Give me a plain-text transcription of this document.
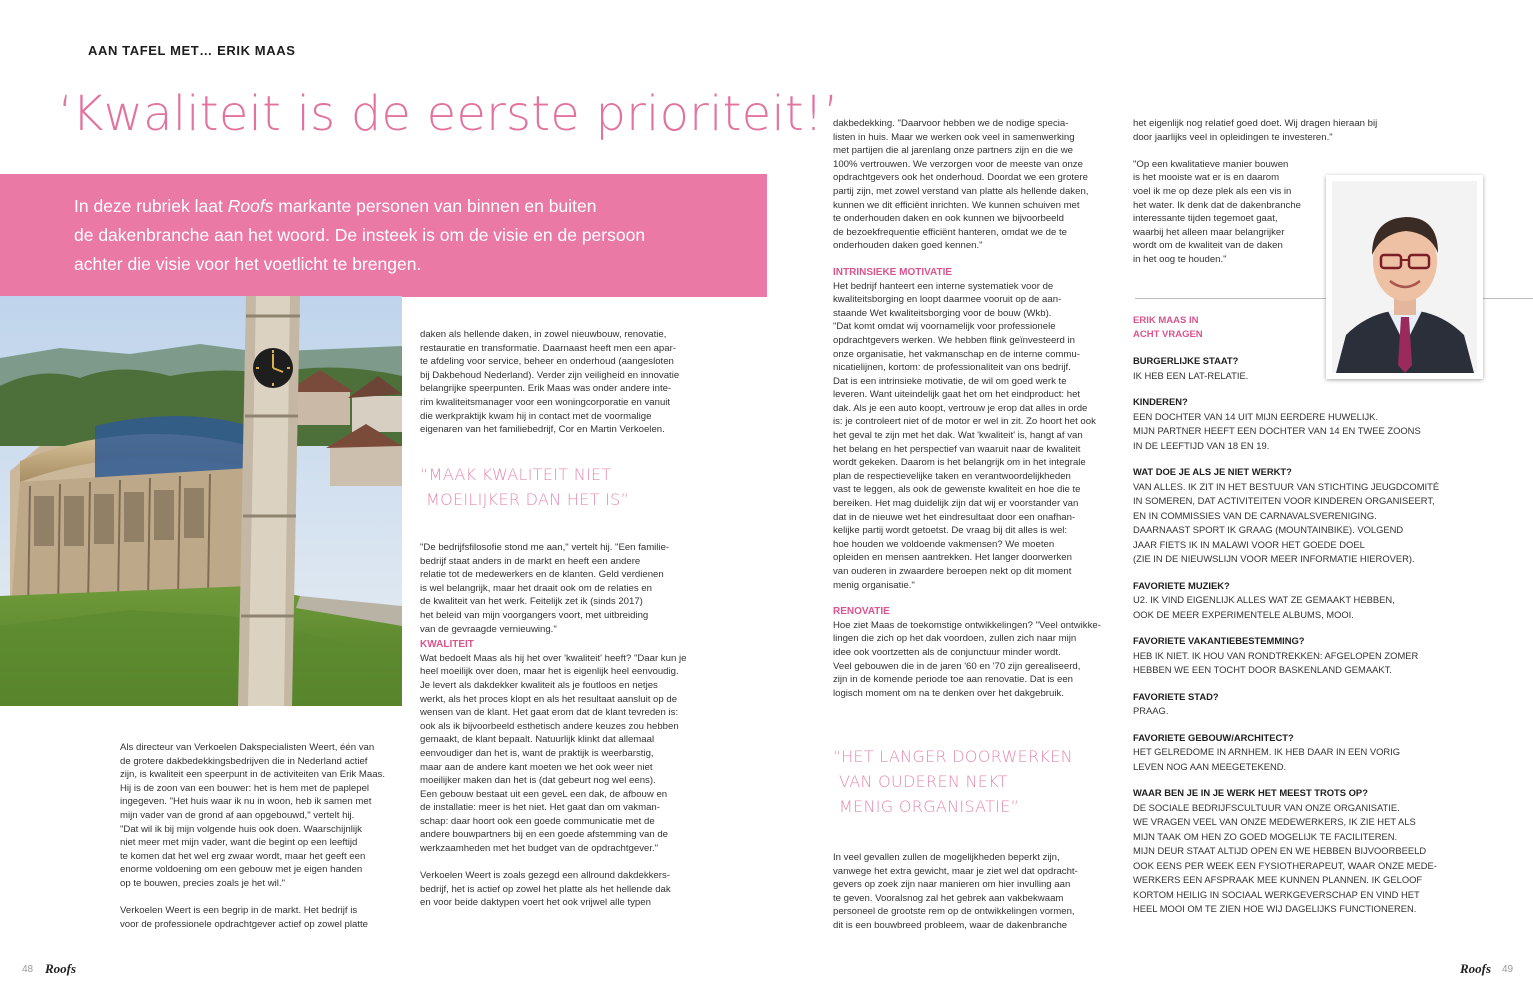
AAN TAFEL MET… ERIK MAAS
‘Kwaliteit is de eerste prioriteit!’
In deze rubriek laat Roofs markante personen van binnen en buiten
de dakenbranche aan het woord. De insteek is om de visie en de persoon
achter die visie voor het voetlicht te brengen.

Als directeur van Verkoelen Dakspecialisten Weert, één van
de grotere dakbedekkingsbedrijven die in Nederland actief
zijn, is kwaliteit een speerpunt in de activiteiten van Erik Maas.
Hij is de zoon van een bouwer: het is hem met de paplepel
ingegeven. "Het huis waar ik nu in woon, heb ik samen met
mijn vader van de grond af aan opgebouwd," vertelt hij.
"Dat wil ik bij mijn volgende huis ook doen. Waarschijnlijk
niet meer met mijn vader, want die begint op een leeftijd
te komen dat het wel erg zwaar wordt, maar het geeft een
enorme voldoening om een gebouw met je eigen handen
op te bouwen, precies zoals je het wil."

Verkoelen Weert is een begrip in de markt. Het bedrijf is
voor de professionele opdrachtgever actief op zowel platte

daken als hellende daken, in zowel nieuwbouw, renovatie,
restauratie en transformatie. Daarnaast heeft men een apar-
te afdeling voor service, beheer en onderhoud (aangesloten
bij Dakbehoud Nederland). Verder zijn veiligheid en innovatie
belangrijke speerpunten. Erik Maas was onder andere inte-
rim kwaliteitsmanager voor een woningcorporatie en vanuit
die werkpraktijk kwam hij in contact met de voormalige
eigenaren van het familiebedrijf, Cor en Martin Verkoelen.

“MAAK KWALITEIT NIET
MOEILIJKER DAN HET IS”

"De bedrijfsfilosofie stond me aan," vertelt hij. "Een familie-
bedrijf staat anders in de markt en heeft een andere
relatie tot de medewerkers en de klanten. Geld verdienen
is wel belangrijk, maar het draait ook om de relaties en
de kwaliteit van het werk. Feitelijk zet ik (sinds 2017)
het beleid van mijn voorgangers voort, met uitbreiding
van de gevraagde vernieuwing."

KWALITEIT

Wat bedoelt Maas als hij het over 'kwaliteit' heeft? "Daar kun je
heel moeilijk over doen, maar het is eigenlijk heel eenvoudig.
Je levert als dakdekker kwaliteit als je foutloos en netjes
werkt, als het proces klopt en als het resultaat aansluit op de
wensen van de klant. Het gaat erom dat de klant tevreden is:
ook als ik bijvoorbeeld esthetisch andere keuzes zou hebben
gemaakt, de klant bepaalt. Natuurlijk klinkt dat allemaal
eenvoudiger dan het is, want de praktijk is weerbarstig,
maar aan de andere kant moeten we het ook weer niet
moeilijker maken dan het is (dat gebeurt nog wel eens).
Een gebouw bestaat uit een geveL een dak, de afbouw en
de installatie: meer is het niet. Het gaat dan om vakman-
schap: daar hoort ook een goede communicatie met de
andere bouwpartners bij en een goede afstemming van de
werkzaamheden met het budget van de opdrachtgever."

Verkoelen Weert is zoals gezegd een allround dakdekkers-
bedrijf, het is actief op zowel het platte als het hellende dak
en voor beide daktypen voert het ook vrijwel alle typen

dakbedekking. "Daarvoor hebben we de nodige specia-
listen in huis. Maar we werken ook veel in samenwerking
met partijen die al jarenlang onze partners zijn en die we
100% vertrouwen. We verzorgen voor de meeste van onze
opdrachtgevers ook het onderhoud. Doordat we een grotere
partij zijn, met zowel verstand van platte als hellende daken,
kunnen we dit efficiënt inrichten. We kunnen schuiven met
te onderhouden daken en ook kunnen we bijvoorbeeld
de bezoekfrequentie efficiënt hanteren, omdat we de te
onderhouden daken goed kennen."

INTRINSIEKE MOTIVATIE

Het bedrijf hanteert een interne systematiek voor de
kwaliteitsborging en loopt daarmee vooruit op de aan-
staande Wet kwaliteitsborging voor de bouw (Wkb).
"Dat komt omdat wij voornamelijk voor professionele
opdrachtgevers werken. We hebben flink geïnvesteerd in
onze organisatie, het vakmanschap en de interne commu-
nicatielijnen, kortom: de professionaliteit van ons bedrijf.
Dat is een intrinsieke motivatie, de wil om goed werk te
leveren. Want uiteindelijk gaat het om het eindproduct: het
dak. Als je een auto koopt, vertrouw je erop dat alles in orde
is: je controleert niet of de motor er wel in zit. Zo hoort het ook
het geval te zijn met het dak. Wat 'kwaliteit' is, hangt af van
het belang en het perspectief van waaruit naar de kwaliteit
wordt gekeken. Daarom is het belangrijk om in het integrale
plan de respectievelijke taken en verantwoordelijkheden
vast te leggen, als ook de gewenste kwaliteit en hoe die te
bereiken. Het mag duidelijk zijn dat wij er voorstander van
dat in de nieuwe wet het eindresultaat door een onafhan-
kelijke partij wordt getoetst. De vraag bij dit alles is wel:
hoe houden we voldoende vakmensen? We moeten
opleiden en mensen aantrekken. Het langer doorwerken
van ouderen in zwaardere beroepen nekt op dit moment
menig organisatie."

RENOVATIE

Hoe ziet Maas de toekomstige ontwikkelingen? "Veel ontwikke-
lingen die zich op het dak voordoen, zullen zich naar mijn
idee ook voortzetten als de conjunctuur minder wordt.
Veel gebouwen die in de jaren '60 en '70 zijn gerealiseerd,
zijn in de komende periode toe aan renovatie. Dat is een
logisch moment om na te denken over het dakgebruik.

“HET LANGER DOORWERKEN
VAN OUDEREN NEKT
MENIG ORGANISATIE”

In veel gevallen zullen de mogelijkheden beperkt zijn,
vanwege het extra gewicht, maar je ziet wel dat opdracht-
gevers op zoek zijn naar manieren om hier invulling aan
te geven. Vooralsnog zal het gebrek aan vakbekwaam
personeel de grootste rem op de ontwikkelingen vormen,
dit is een bouwbreed probleem, waar de dakenbranche

het eigenlijk nog relatief goed doet. Wij dragen hieraan bij
door jaarlijks veel in opleidingen te investeren."

"Op een kwalitatieve manier bouwen
is het mooiste wat er is en daarom
voel ik me op deze plek als een vis in
het water. Ik denk dat de dakenbranche
interessante tijden tegemoet gaat,
waarbij het alleen maar belangrijker
wordt om de kwaliteit van de daken
in het oog te houden."

ERIK MAAS IN
ACHT VRAGEN
BURGERLIJKE STAAT?
IK HEB EEN LAT-RELATIE.
KINDEREN?
EEN DOCHTER VAN 14 UIT MIJN EERDERE HUWELIJK.
MIJN PARTNER HEEFT EEN DOCHTER VAN 14 EN TWEE ZOONS
IN DE LEEFTIJD VAN 18 EN 19.
WAT DOE JE ALS JE NIET WERKT?
VAN ALLES. IK ZIT IN HET BESTUUR VAN STICHTING JEUGDCOMITÉ
IN SOMEREN, DAT ACTIVITEITEN VOOR KINDEREN ORGANISEERT,
EN IN COMMISSIES VAN DE CARNAVALSVERENIGING.
DAARNAAST SPORT IK GRAAG (MOUNTAINBIKE). VOLGEND
JAAR FIETS IK IN MALAWI VOOR HET GOEDE DOEL
(ZIE IN DE NIEUWSLIJN VOOR MEER INFORMATIE HIEROVER).
FAVORIETE MUZIEK?
U2. IK VIND EIGENLIJK ALLES WAT ZE GEMAAKT HEBBEN,
OOK DE MEER EXPERIMENTELE ALBUMS, MOOI.
FAVORIETE VAKANTIEBESTEMMING?
HEB IK NIET. IK HOU VAN RONDTREKKEN: AFGELOPEN ZOMER
HEBBEN WE EEN TOCHT DOOR BASKENLAND GEMAAKT.
FAVORIETE STAD?
PRAAG.
FAVORIETE GEBOUW/ARCHITECT?
HET GELREDOME IN ARNHEM. IK HEB DAAR IN EEN VORIG
LEVEN NOG AAN MEEGETEKEND.
WAAR BEN JE IN JE WERK HET MEEST TROTS OP?
DE SOCIALE BEDRIJFSCULTUUR VAN ONZE ORGANISATIE.
WE VRAGEN VEEL VAN ONZE MEDEWERKERS, IK ZIE HET ALS
MIJN TAAK OM HEN ZO GOED MOGELIJK TE FACILITEREN.
MIJN DEUR STAAT ALTIJD OPEN EN WE HEBBEN BIJVOORBEELD
OOK EENS PER WEEK EEN FYSIOTHERAPEUT, WAAR ONZE MEDE-
WERKERS EEN AFSPRAAK MEE KUNNEN PLANNEN. IK GELOOF
KORTOM HEILIG IN SOCIAAL WERKGEVERSCHAP EN VIND HET
HEEL MOOI OM TE ZIEN HOE WIJ DAGELIJKS FUNCTIONEREN.
48 Roofs	Roofs 49
